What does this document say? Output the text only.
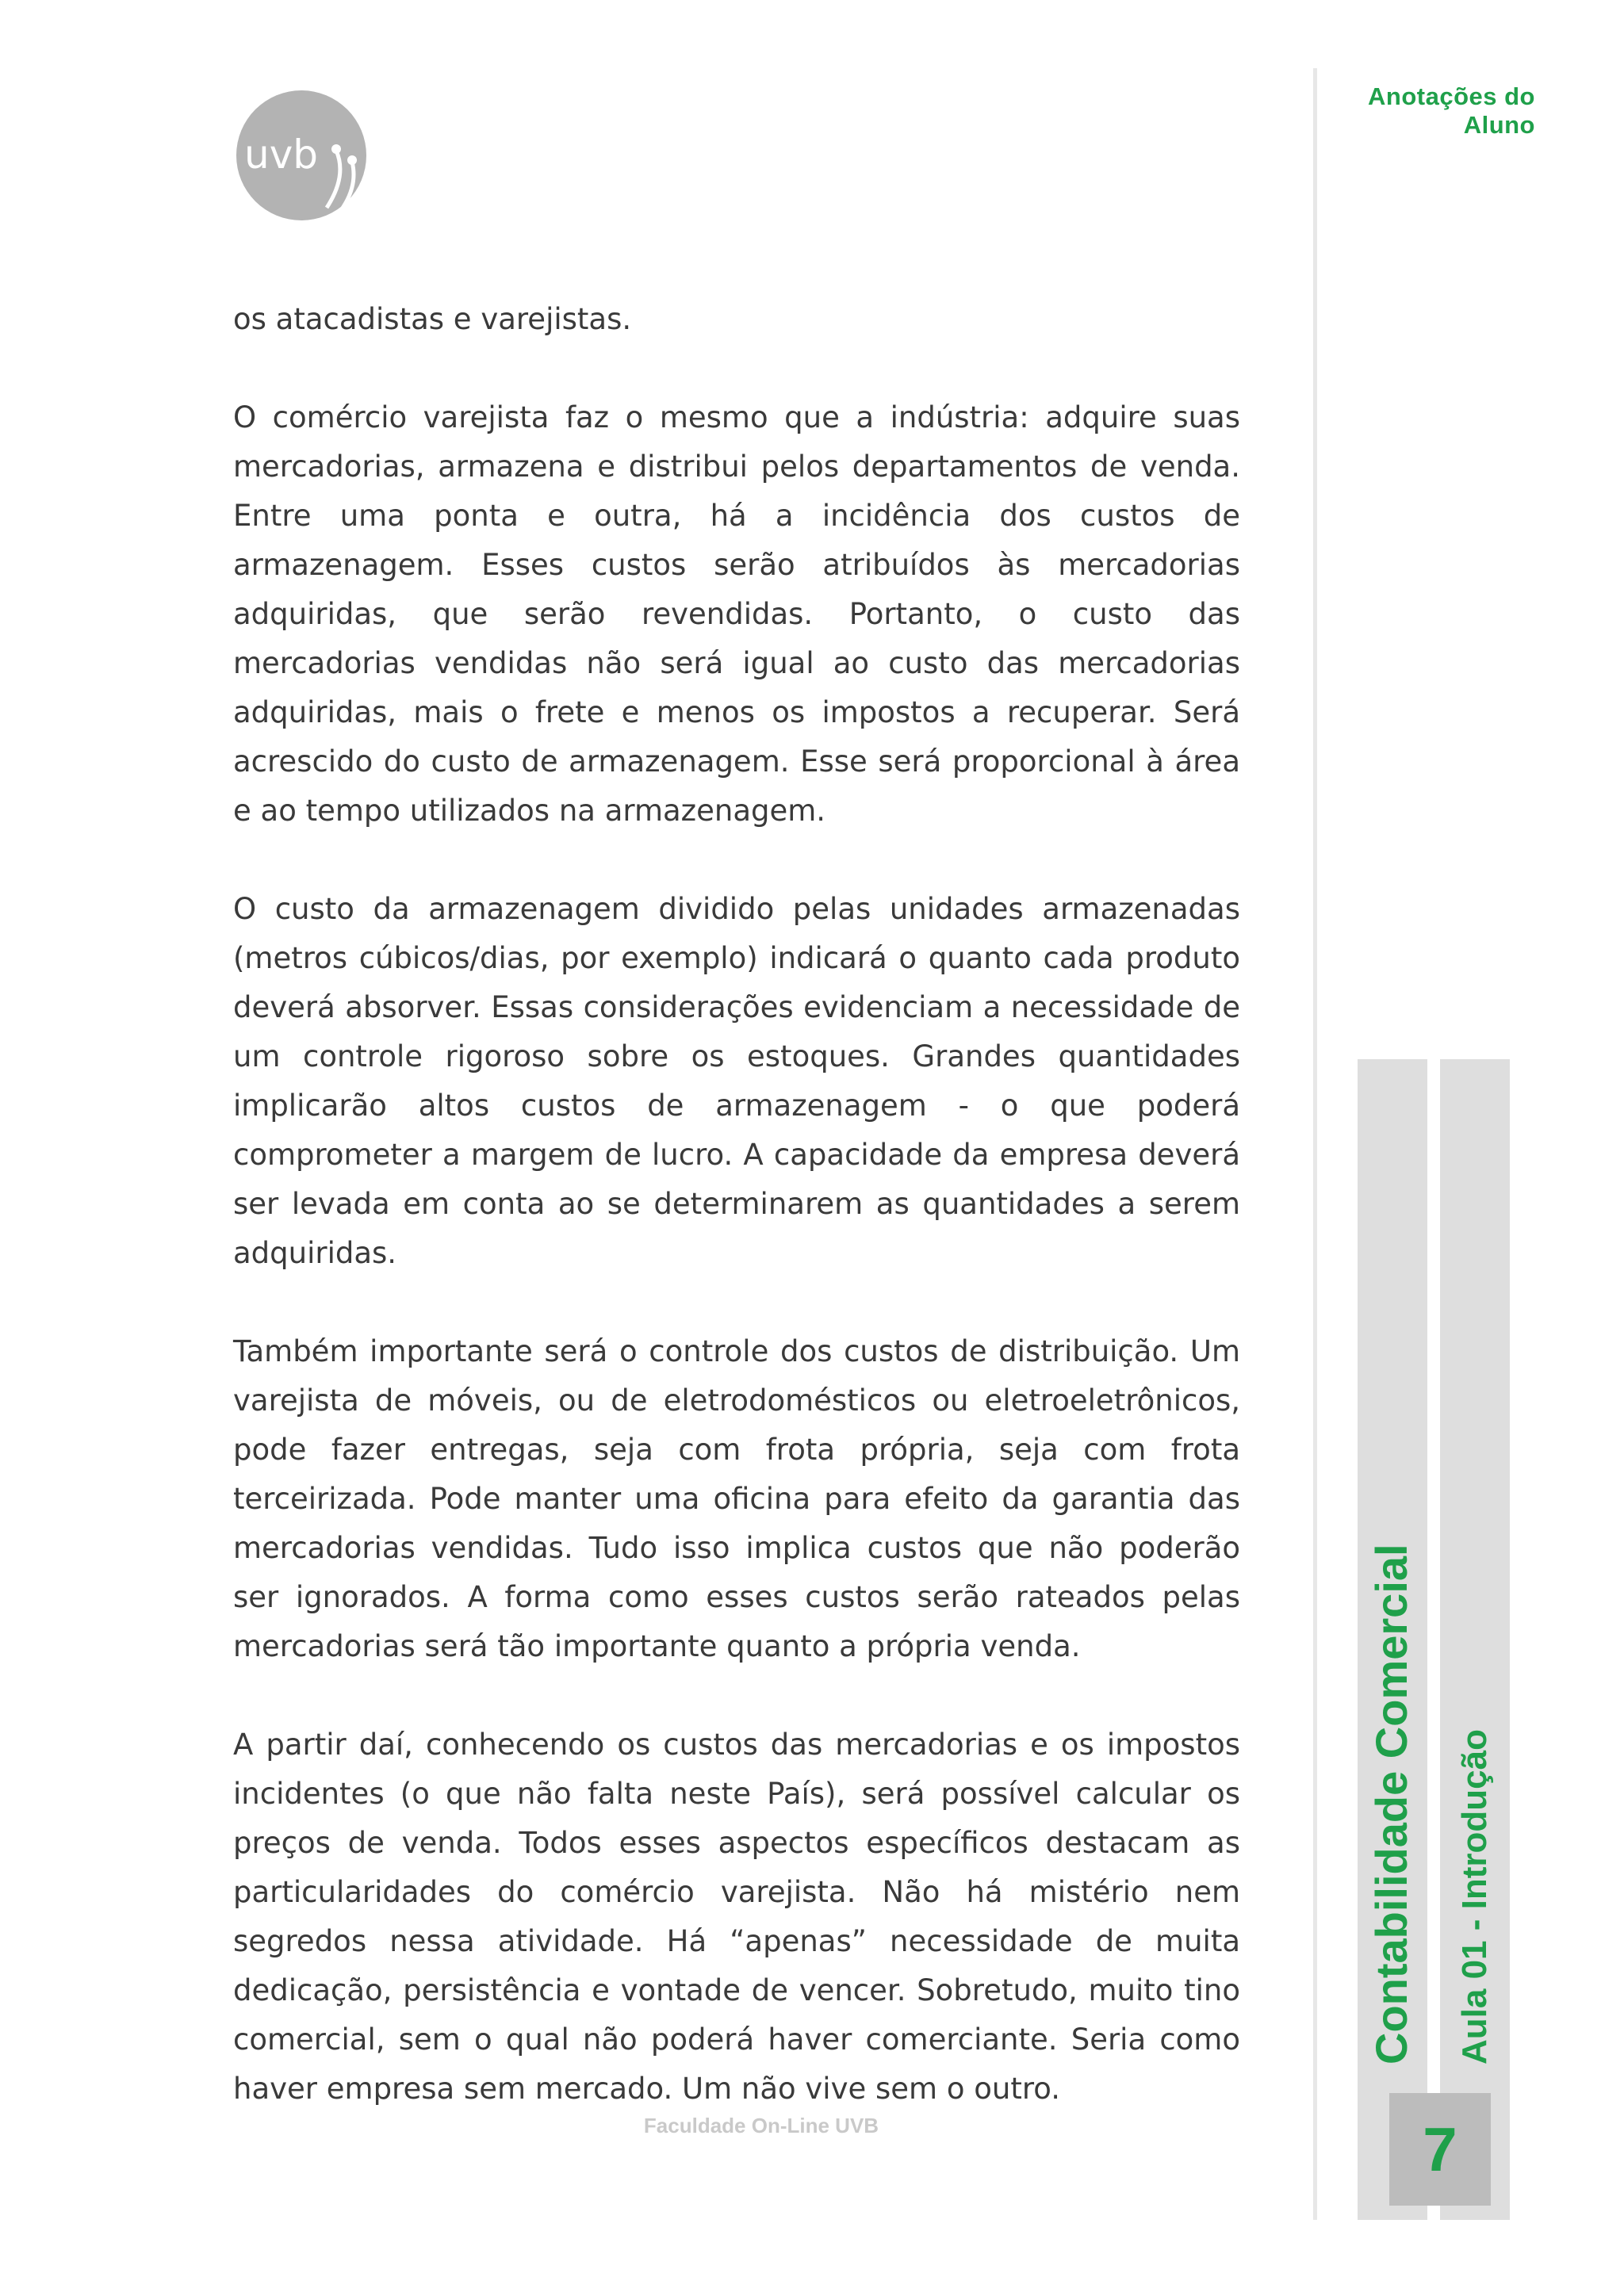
uvb
Anotações do Aluno

os atacadistas e varejistas.

O comércio varejista faz o mesmo que a indústria: adquire suas mercadorias, armazena e distribui pelos departamentos de venda. Entre uma ponta e outra, há a incidência dos custos de armazenagem. Esses custos serão atribuídos às mercadorias adquiridas, que serão revendidas. Portanto, o custo das mercadorias vendidas não será igual ao custo das mercadorias adquiridas, mais o frete e menos os impostos a recuperar. Será acrescido do custo de armazenagem. Esse será proporcional à área e ao tempo utilizados na armazenagem.

O custo da armazenagem dividido pelas unidades armazenadas (metros cúbicos/dias, por exemplo) indicará o quanto cada produto deverá absorver. Essas considerações evidenciam a necessidade de um controle rigoroso sobre os estoques. Grandes quantidades implicarão altos custos de armazenagem - o que poderá comprometer a margem de lucro. A capacidade da empresa deverá ser levada em conta ao se determinarem as quantidades a serem adquiridas.

Também importante será o controle dos custos de distribuição. Um varejista de móveis, ou de eletrodomésticos ou eletroeletrônicos, pode fazer entregas, seja com frota própria, seja com frota terceirizada. Pode manter uma oficina para efeito da garantia das mercadorias vendidas. Tudo isso implica custos que não poderão ser ignorados. A forma como esses custos serão rateados pelas mercadorias será tão importante quanto a própria venda.

A partir daí, conhecendo os custos das mercadorias e os impostos incidentes (o que não falta neste País), será possível calcular os preços de venda. Todos esses aspectos específicos destacam as particularidades do comércio varejista. Não há mistério nem segredos nessa atividade. Há “apenas” necessidade de muita dedicação, persistência e vontade de vencer. Sobretudo, muito tino comercial, sem o qual não poderá haver comerciante. Seria como haver empresa sem mercado. Um não vive sem o outro.

Contabilidade Comercial Aula 01 - Introdução
7
Faculdade On-Line UVB
